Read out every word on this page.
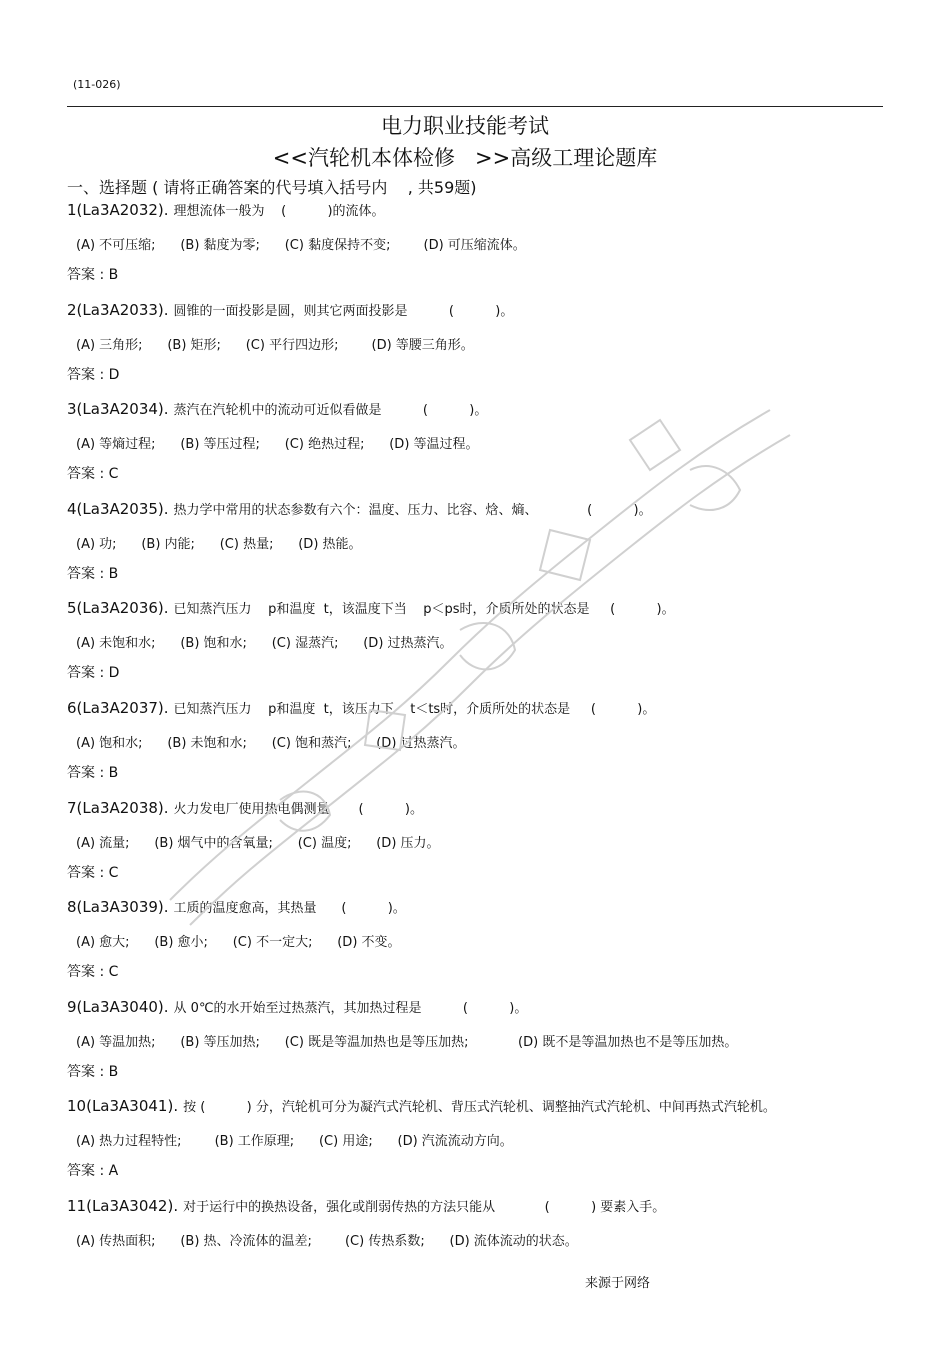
(11-026)
电力职业技能考试
<<汽轮机本体检修   >>高级工理论题库
一、选择题 ( 请将正确答案的代号填入括号内    , 共59题)
1(La3A2032). 理想流体一般为    (          )的流体。
(A) 不可压缩;      (B) 黏度为零;      (C) 黏度保持不变;        (D) 可压缩流体。
答案 : B
2(La3A2033). 圆锥的一面投影是圆，则其它两面投影是          (          )。
(A) 三角形;      (B) 矩形;      (C) 平行四边形;        (D) 等腰三角形。
答案 : D
3(La3A2034). 蒸汽在汽轮机中的流动可近似看做是          (          )。
(A) 等熵过程;      (B) 等压过程;      (C) 绝热过程;      (D) 等温过程。
答案 : C
4(La3A2035). 热力学中常用的状态参数有六个：温度、压力、比容、焓、熵、            (          )。
(A) 功;      (B) 内能;      (C) 热量;      (D) 热能。
答案 : B
5(La3A2036). 已知蒸汽压力    p和温度  t，该温度下当    p＜ps时，介质所处的状态是     (          )。
(A) 未饱和水;      (B) 饱和水;      (C) 湿蒸汽;      (D) 过热蒸汽。
答案 : D
6(La3A2037). 已知蒸汽压力    p和温度  t，该压力下    t＜ts时，介质所处的状态是     (          )。
(A) 饱和水;      (B) 未饱和水;      (C) 饱和蒸汽;      (D) 过热蒸汽。
答案 : B
7(La3A2038). 火力发电厂使用热电偶测量       (          )。
(A) 流量;      (B) 烟气中的含氧量;      (C) 温度;      (D) 压力。
答案 : C
8(La3A3039). 工质的温度愈高，其热量      (          )。
(A) 愈大;      (B) 愈小;      (C) 不一定大;      (D) 不变。
答案 : C
9(La3A3040). 从 0℃的水开始至过热蒸汽，其加热过程是          (          )。
(A) 等温加热;      (B) 等压加热;      (C) 既是等温加热也是等压加热;            (D) 既不是等温加热也不是等压加热。
答案 : B
10(La3A3041). 按 (          ) 分，汽轮机可分为凝汽式汽轮机、背压式汽轮机、调整抽汽式汽轮机、中间再热式汽轮机。
(A) 热力过程特性;        (B) 工作原理;      (C) 用途;      (D) 汽流流动方向。
答案 : A
11(La3A3042). 对于运行中的换热设备，强化或削弱传热的方法只能从            (          ) 要素入手。
(A) 传热面积;      (B) 热、冷流体的温差;        (C) 传热系数;      (D) 流体流动的状态。
来源于网络
